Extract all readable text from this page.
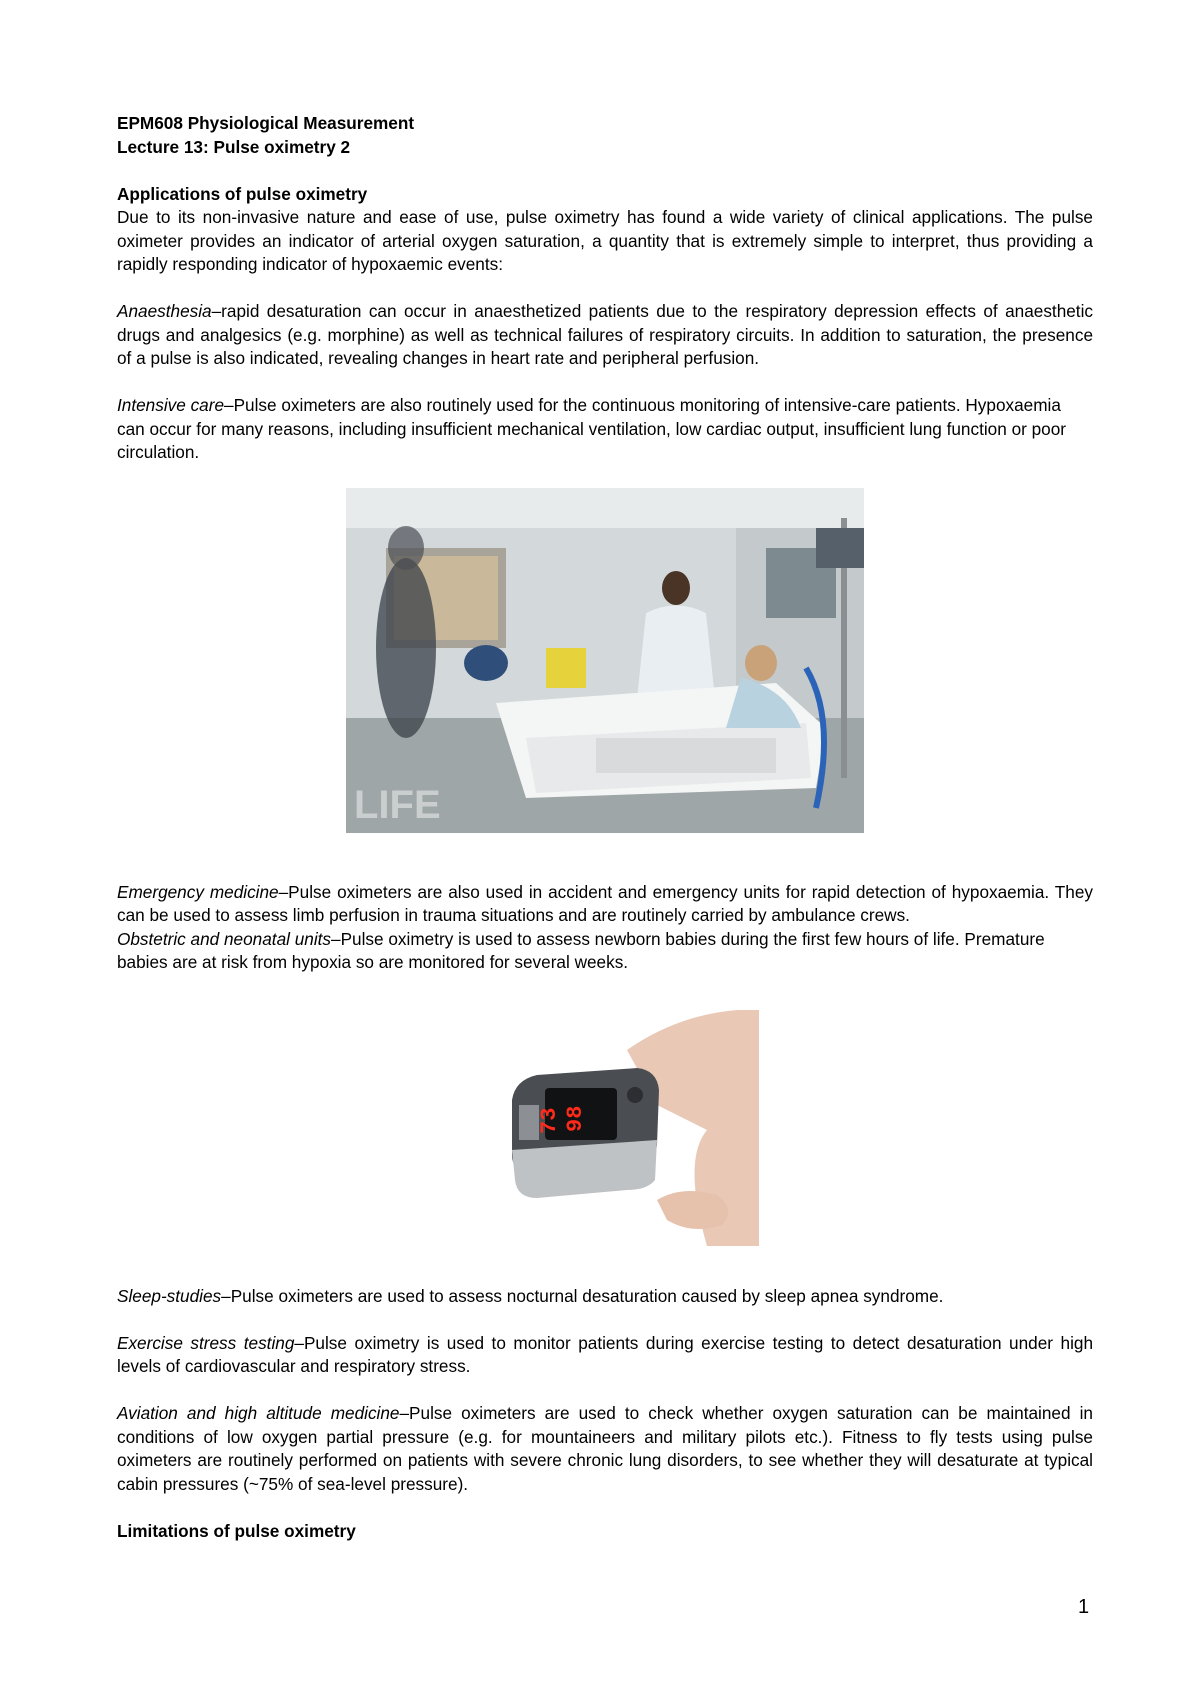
EPM608 Physiological Measurement

Lecture 13: Pulse oximetry 2

Applications of pulse oximetry

Due to its non-invasive nature and ease of use, pulse oximetry has found a wide variety of clinical applications. The pulse oximeter provides an indicator of arterial oxygen saturation, a quantity that is extremely simple to interpret, thus providing a rapidly responding indicator of hypoxaemic events:

Anaesthesia–rapid desaturation can occur in anaesthetized patients due to the respiratory depression effects of anaesthetic drugs and analgesics (e.g. morphine) as well as technical failures of respiratory circuits. In addition to saturation, the presence of a pulse is also indicated, revealing changes in heart rate and peripheral perfusion.

Intensive care–Pulse oximeters are also routinely used for the continuous monitoring of intensive-care patients. Hypoxaemia can occur for many reasons, including insufficient mechanical ventilation, low cardiac output, insufficient lung function or poor circulation.

LIFE

Emergency medicine–Pulse oximeters are also used in accident and emergency units for rapid detection of hypoxaemia. They can be used to assess limb perfusion in trauma situations and are routinely carried by ambulance crews.

Obstetric and neonatal units–Pulse oximetry is used to assess newborn babies during the first few hours of life. Premature babies are at risk from hypoxia so are monitored for several weeks.

98
73

Sleep-studies–Pulse oximeters are used to assess nocturnal desaturation caused by sleep apnea syndrome.

Exercise stress testing–Pulse oximetry is used to monitor patients during exercise testing to detect desaturation under high levels of cardiovascular and respiratory stress.

Aviation and high altitude medicine–Pulse oximeters are used to check whether oxygen saturation can be maintained in conditions of low oxygen partial pressure (e.g. for mountaineers and military pilots etc.). Fitness to fly tests using pulse oximeters are routinely performed on patients with severe chronic lung disorders, to see whether they will desaturate at typical cabin pressures (~75% of sea-level pressure).

Limitations of pulse oximetry

1
